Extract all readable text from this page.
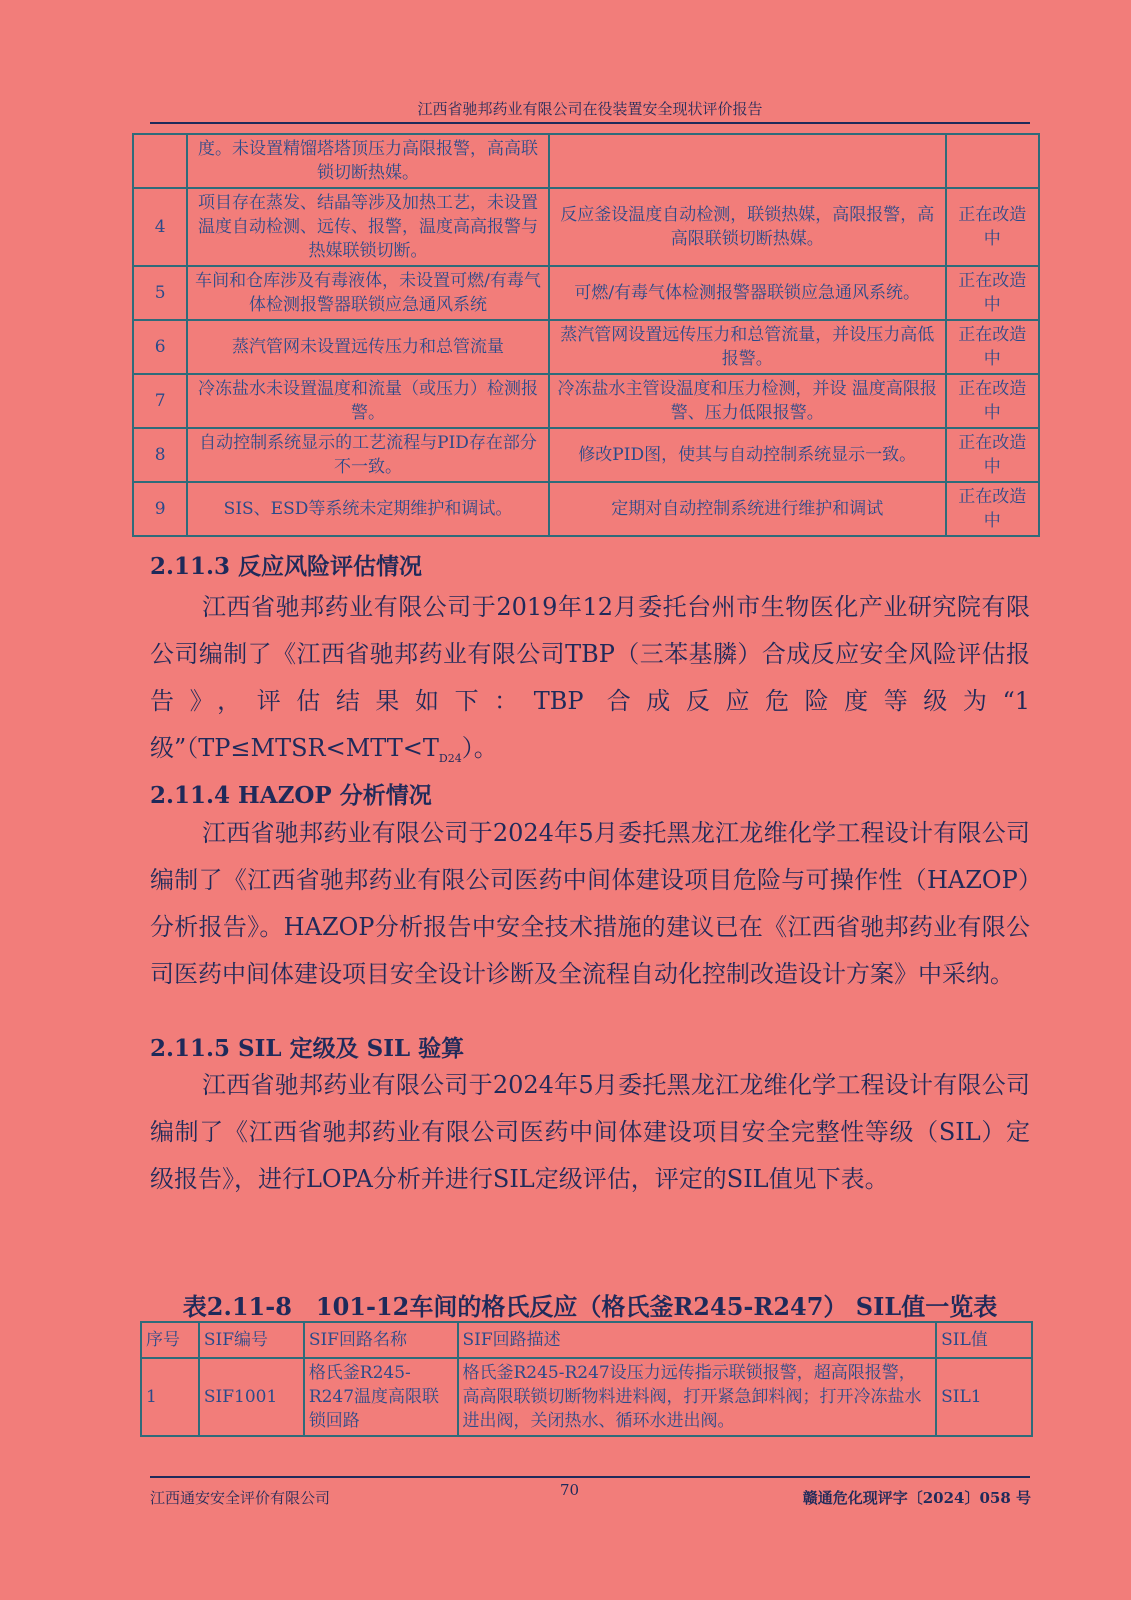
江西省驰邦药业有限公司在役装置安全现状评价报告
	度。未设置精馏塔塔顶压力高限报警，高高联锁切断热媒。		
4	项目存在蒸发、结晶等涉及加热工艺，未设置温度自动检测、远传、报警，温度高高报警与热媒联锁切断。	反应釜设温度自动检测，联锁热媒，高限报警，高高限联锁切断热媒。	正在改造中
5	车间和仓库涉及有毒液体，未设置可燃/有毒气体检测报警器联锁应急通风系统	可燃/有毒气体检测报警器联锁应急通风系统。	正在改造中
6	蒸汽管网未设置远传压力和总管流量	蒸汽管网设置远传压力和总管流量，并设压力高低报警。	正在改造中
7	冷冻盐水未设置温度和流量（或压力）检测报警。	冷冻盐水主管设温度和压力检测，并设 温度高限报警、压力低限报警。	正在改造中
8	自动控制系统显示的工艺流程与PID存在部分不一致。	修改PID图，使其与自动控制系统显示一致。	正在改造中
9	SIS、ESD等系统未定期维护和调试。	定期对自动控制系统进行维护和调试	正在改造中
2.11.3 反应风险评估情况
江西省驰邦药业有限公司于2019年12月委托台州市生物医化产业研究院有限公司编制了《江西省驰邦药业有限公司TBP（三苯基膦）合成反应安全风险评估报告》，评估结果如下：TBP 合成反应危险度等级为“1级$”(TP\le MTSR<MTT<T_{D24})$。
2.11.4 HAZOP 分析情况
江西省驰邦药业有限公司于2024年5月委托黑龙江龙维化学工程设计有限公司编制了《江西省驰邦药业有限公司医药中间体建设项目危险与可操作性（HAZOP）分析报告》。HAZOP分析报告中安全技术措施的建议已在《江西省驰邦药业有限公司医药中间体建设项目安全设计诊断及全流程自动化控制改造设计方案》中采纳。
2.11.5 SIL 定级及 SIL 验算
江西省驰邦药业有限公司于2024年5月委托黑龙江龙维化学工程设计有限公司编制了《江西省驰邦药业有限公司医药中间体建设项目安全完整性等级（SIL）定级报告》，进行LOPA分析并进行SIL定级评估，评定的SIL值见下表。
表2.11-8　101-12车间的格氏反应（格氏釜R245-R247） SIL值一览表
序号	SIF编号	SIF回路名称	SIF回路描述	SIL值
1	SIF1001	格氏釜R245-R247温度高限联锁回路	格氏釜R245-R247设压力远传指示联锁报警，超高限报警，高高限联锁切断物料进料阀，打开紧急卸料阀；打开冷冻盐水进出阀，关闭热水、循环水进出阀。	SIL1
江西通安安全评价有限公司	70	赣通危化现评字〔2024〕058 号
